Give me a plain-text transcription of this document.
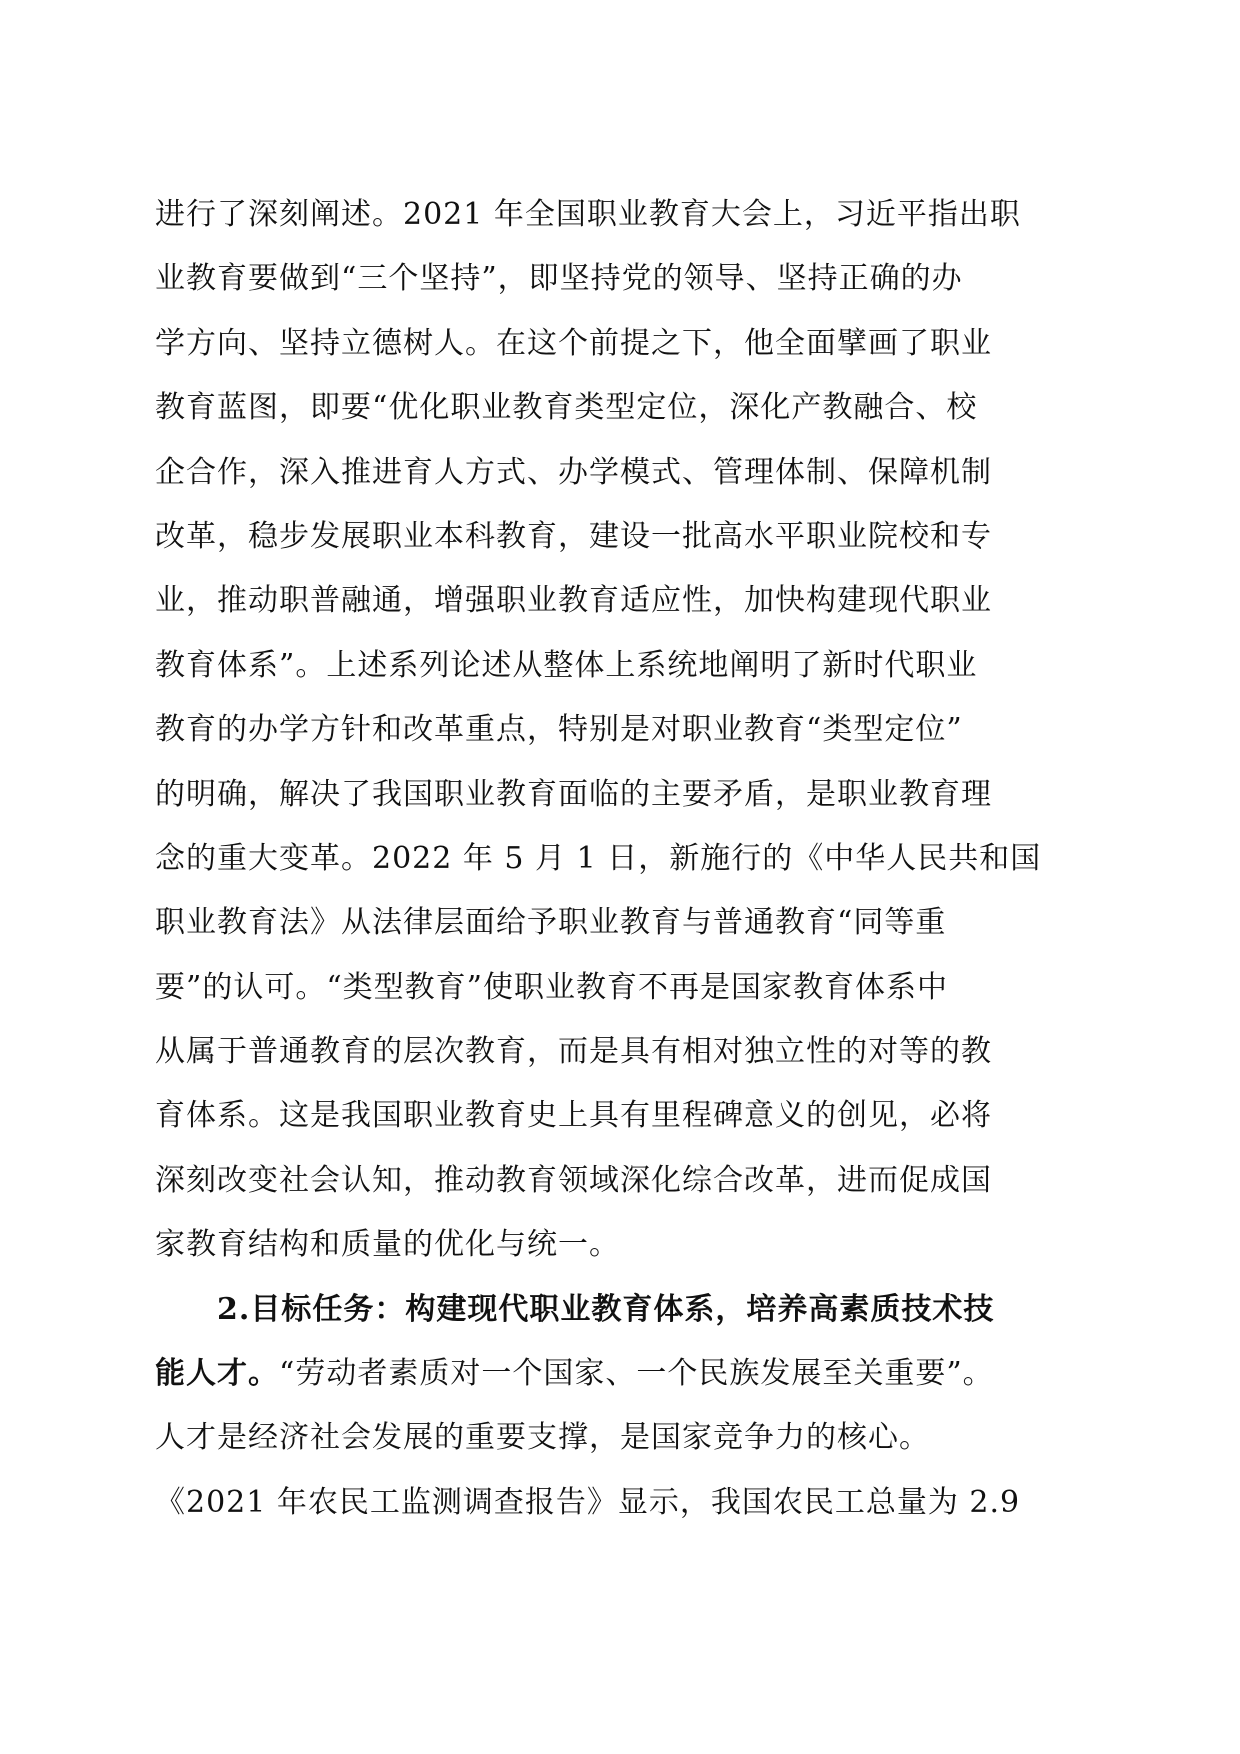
进行了深刻阐述。2021 年全国职业教育大会上，习近平指出职
业教育要做到“三个坚持”，即坚持党的领导、坚持正确的办
学方向、坚持立德树人。在这个前提之下，他全面擘画了职业
教育蓝图，即要“优化职业教育类型定位，深化产教融合、校
企合作，深入推进育人方式、办学模式、管理体制、保障机制
改革，稳步发展职业本科教育，建设一批高水平职业院校和专
业，推动职普融通，增强职业教育适应性，加快构建现代职业
教育体系”。上述系列论述从整体上系统地阐明了新时代职业
教育的办学方针和改革重点，特别是对职业教育“类型定位”
的明确，解决了我国职业教育面临的主要矛盾，是职业教育理
念的重大变革。2022 年 5 月 1 日，新施行的《中华人民共和国
职业教育法》从法律层面给予职业教育与普通教育“同等重
要”的认可。“类型教育”使职业教育不再是国家教育体系中
从属于普通教育的层次教育，而是具有相对独立性的对等的教
育体系。这是我国职业教育史上具有里程碑意义的创见，必将
深刻改变社会认知，推动教育领域深化综合改革，进而促成国
家教育结构和质量的优化与统一。
2.目标任务：构建现代职业教育体系，培养高素质技术技
能人才。“劳动者素质对一个国家、一个民族发展至关重要”。
人才是经济社会发展的重要支撑，是国家竞争力的核心。
《2021 年农民工监测调查报告》显示，我国农民工总量为 2.9
